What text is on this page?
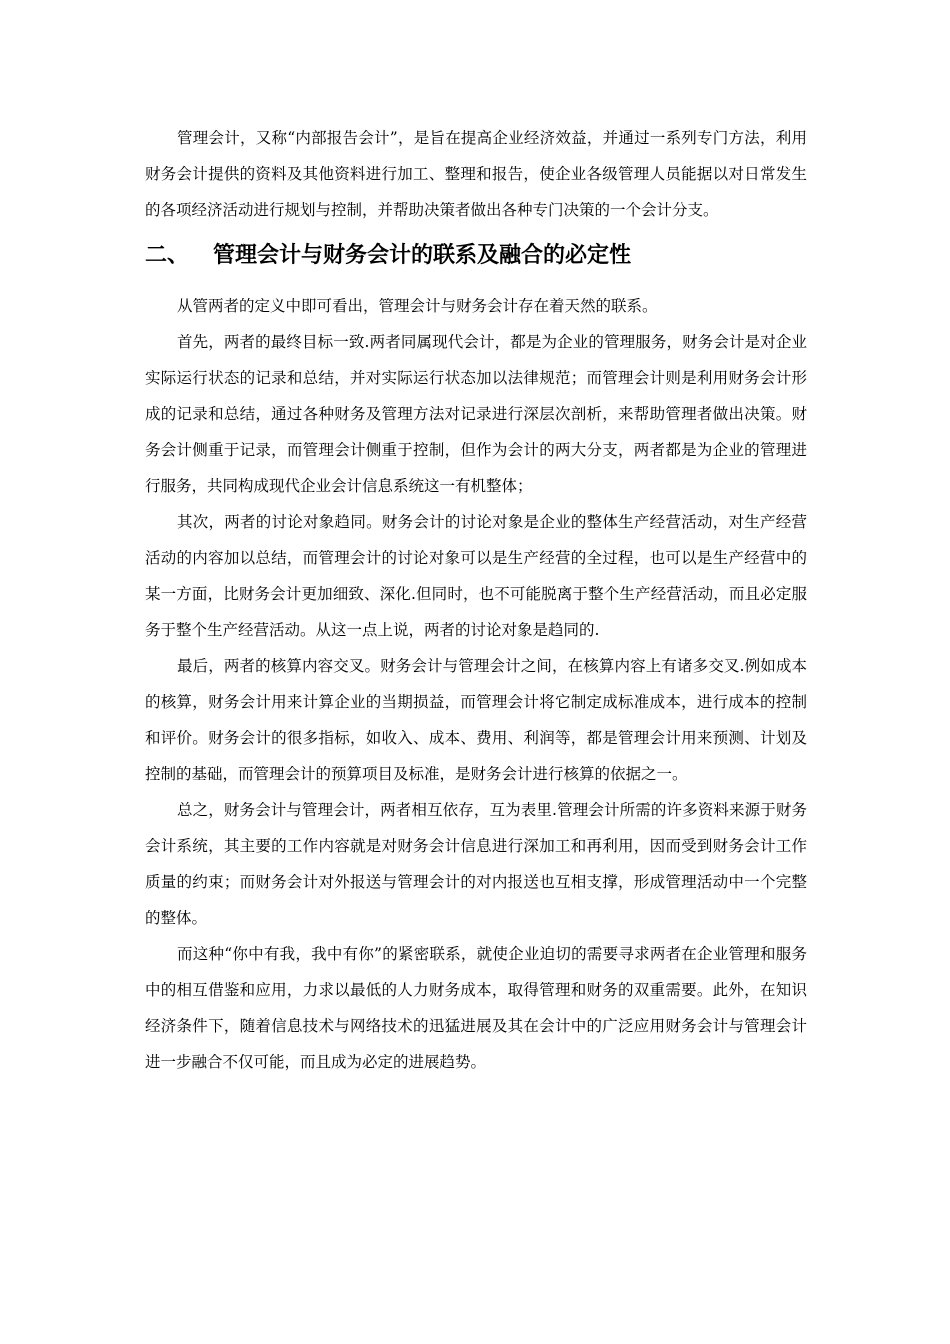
管理会计，又称“内部报告会计”，是旨在提高企业经济效益，并通过一系列专门方法，利用财务会计提供的资料及其他资料进行加工、整理和报告，使企业各级管理人员能据以对日常发生的各项经济活动进行规划与控制，并帮助决策者做出各种专门决策的一个会计分支。

二、	管理会计与财务会计的联系及融合的必定性

从管两者的定义中即可看出，管理会计与财务会计存在着天然的联系。

首先，两者的最终目标一致.两者同属现代会计，都是为企业的管理服务，财务会计是对企业实际运行状态的记录和总结，并对实际运行状态加以法律规范；而管理会计则是利用财务会计形成的记录和总结，通过各种财务及管理方法对记录进行深层次剖析，来帮助管理者做出决策。财务会计侧重于记录，而管理会计侧重于控制，但作为会计的两大分支，两者都是为企业的管理进行服务，共同构成现代企业会计信息系统这一有机整体；

其次，两者的讨论对象趋同。财务会计的讨论对象是企业的整体生产经营活动，对生产经营活动的内容加以总结，而管理会计的讨论对象可以是生产经营的全过程，也可以是生产经营中的某一方面，比财务会计更加细致、深化.但同时，也不可能脱离于整个生产经营活动，而且必定服务于整个生产经营活动。从这一点上说，两者的讨论对象是趋同的.

最后，两者的核算内容交叉。财务会计与管理会计之间，在核算内容上有诸多交叉.例如成本的核算，财务会计用来计算企业的当期损益，而管理会计将它制定成标准成本，进行成本的控制和评价。财务会计的很多指标，如收入、成本、费用、利润等，都是管理会计用来预测、计划及控制的基础，而管理会计的预算项目及标准，是财务会计进行核算的依据之一。

总之，财务会计与管理会计，两者相互依存，互为表里.管理会计所需的许多资料来源于财务会计系统，其主要的工作内容就是对财务会计信息进行深加工和再利用，因而受到财务会计工作质量的约束；而财务会计对外报送与管理会计的对内报送也互相支撑，形成管理活动中一个完整的整体。

而这种“你中有我，我中有你”的紧密联系，就使企业迫切的需要寻求两者在企业管理和服务中的相互借鉴和应用，力求以最低的人力财务成本，取得管理和财务的双重需要。此外，在知识经济条件下，随着信息技术与网络技术的迅猛进展及其在会计中的广泛应用财务会计与管理会计进一步融合不仅可能，而且成为必定的进展趋势。
